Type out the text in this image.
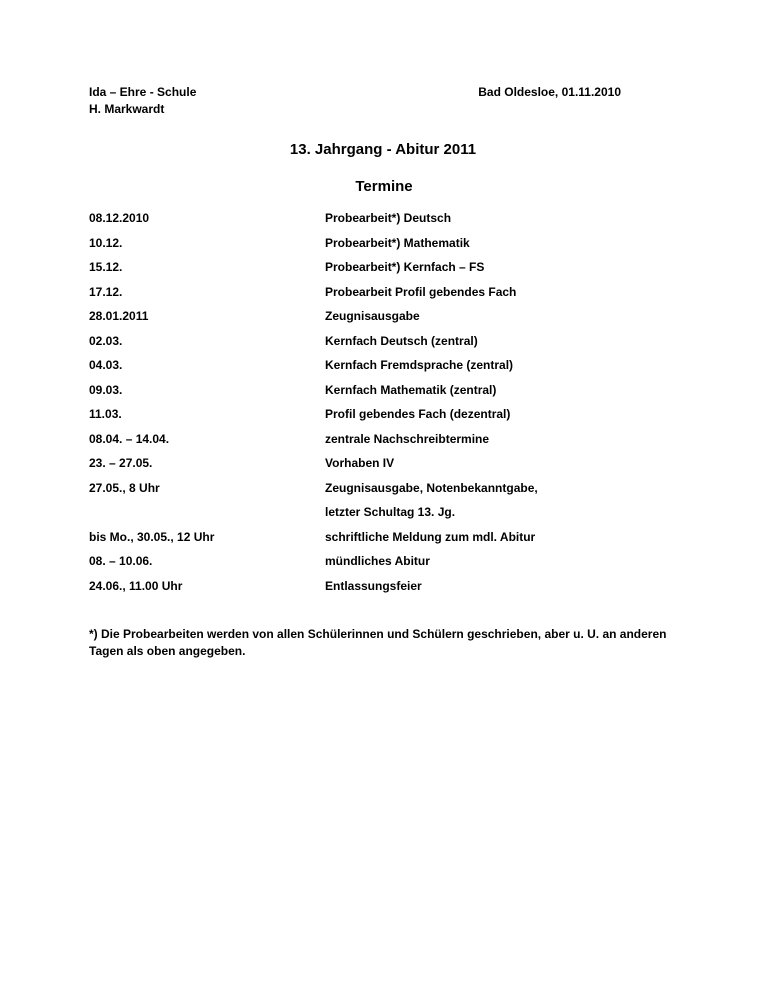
Ida – Ehre - Schule
H. Markwardt
Bad Oldesloe, 01.11.2010
13. Jahrgang - Abitur 2011
Termine
08.12.2010	Probearbeit*) Deutsch
10.12.	Probearbeit*) Mathematik
15.12.	Probearbeit*) Kernfach – FS
17.12.	Probearbeit Profil gebendes Fach
28.01.2011	Zeugnisausgabe
02.03.	Kernfach Deutsch (zentral)
04.03.	Kernfach Fremdsprache (zentral)
09.03.	Kernfach Mathematik (zentral)
11.03.	Profil gebendes Fach (dezentral)
08.04. – 14.04.	zentrale Nachschreibtermine
23. – 27.05.	Vorhaben IV
27.05., 8 Uhr	Zeugnisausgabe, Notenbekanntgabe,
letzter Schultag 13. Jg.
bis Mo., 30.05., 12 Uhr	schriftliche Meldung zum mdl. Abitur
08. – 10.06.	mündliches Abitur
24.06., 11.00 Uhr	Entlassungsfeier
*) Die Probearbeiten werden von allen Schülerinnen und Schülern geschrieben, aber u. U. an anderen Tagen als oben angegeben.
